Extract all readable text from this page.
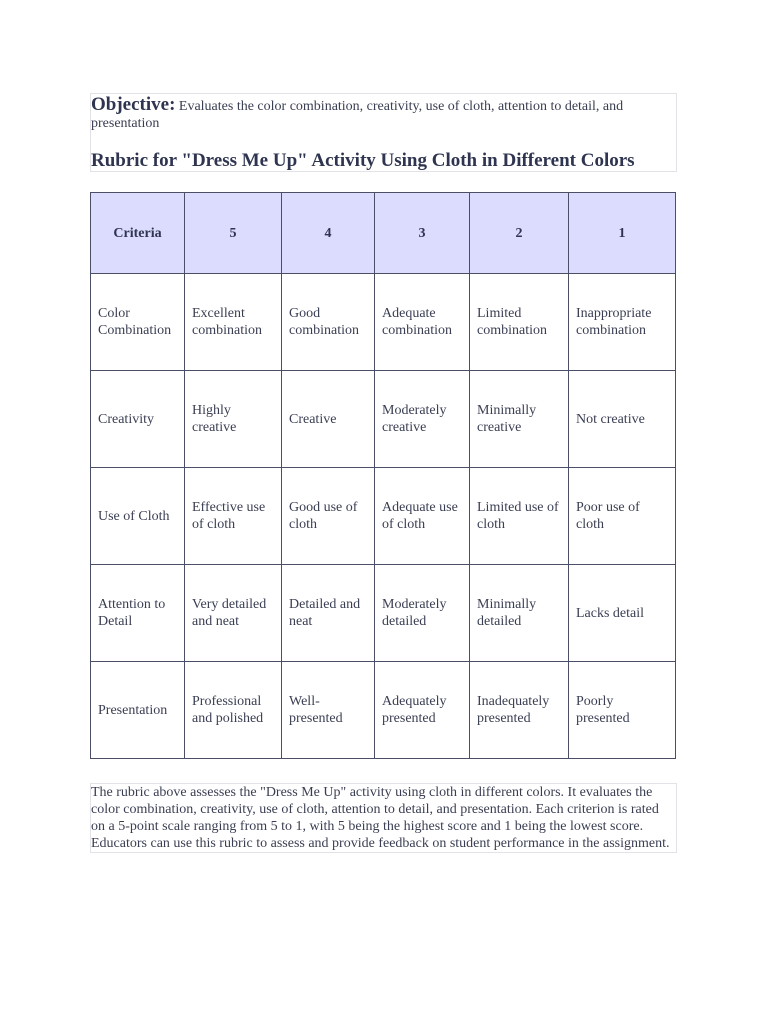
Objective: Evaluates the color combination, creativity, use of cloth, attention to detail, and presentation
Rubric for "Dress Me Up" Activity Using Cloth in Different Colors
Criteria	5	4	3	2	1
Color Combination	Excellent combination	Good combination	Adequate combination	Limited combination	Inappropriate combination
Creativity	Highly creative	Creative	Moderately creative	Minimally creative	Not creative
Use of Cloth	Effective use of cloth	Good use of cloth	Adequate use of cloth	Limited use of cloth	Poor use of cloth
Attention to Detail	Very detailed and neat	Detailed and neat	Moderately detailed	Minimally detailed	Lacks detail
Presentation	Professional and polished	Well-presented	Adequately presented	Inadequately presented	Poorly presented
The rubric above assesses the "Dress Me Up" activity using cloth in different colors. It evaluates the color combination, creativity, use of cloth, attention to detail, and presentation. Each criterion is rated on a 5-point scale ranging from 5 to 1, with 5 being the highest score and 1 being the lowest score. Educators can use this rubric to assess and provide feedback on student performance in the assignment.
